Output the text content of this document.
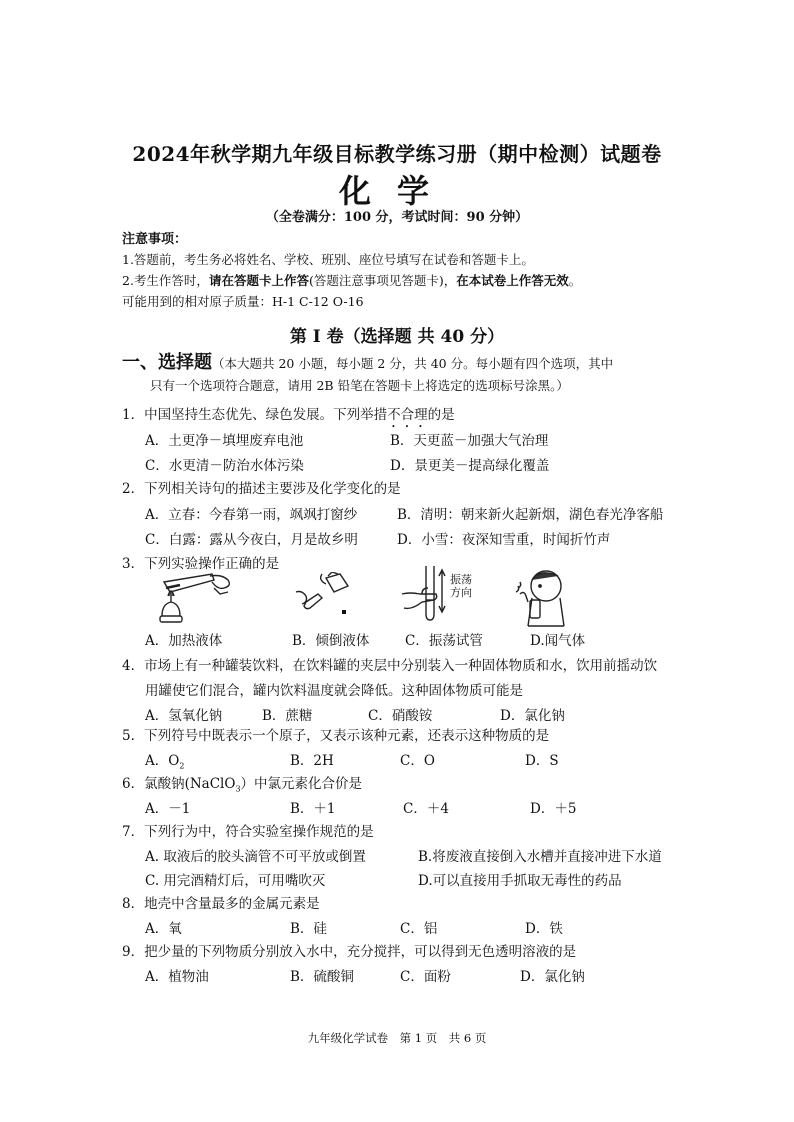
2024年秋学期九年级目标教学练习册（期中检测）试题卷
化学
（全卷满分：100 分，考试时间：90 分钟）
注意事项：
1.答题前，考生务必将姓名、学校、班别、座位号填写在试卷和答题卡上。
2.考生作答时，请在答题卡上作答(答题注意事项见答题卡)，在本试卷上作答无效。
可能用到的相对原子质量：H-1 C-12 O-16
第 I 卷（选择题 共 40 分）
一、选择题（本大题共 20 小题，每小题 2 分，共 40 分。每小题有四个选项，其中
只有一个选项符合题意，请用 2B 铅笔在答题卡上将选定的选项标号涂黑。）
1．中国坚持生态优先、绿色发展。下列举措不合理的是
A．土更净－填埋废弃电池	B．天更蓝－加强大气治理
C．水更清－防治水体污染	D．景更美－提高绿化覆盖
2．下列相关诗句的描述主要涉及化学变化的是
A．立春：今春第一雨，飒飒打窗纱	B．清明：朝来新火起新烟，湖色春光净客船
C．白露：露从今夜白，月是故乡明	D．小雪：夜深知雪重，时闻折竹声
3．下列实验操作正确的是
振荡
方向
A．加热液体	B．倾倒液体	C．振荡试管	D.闻气体
4．市场上有一种罐装饮料，在饮料罐的夹层中分别装入一种固体物质和水，饮用前摇动饮
用罐使它们混合，罐内饮料温度就会降低。这种固体物质可能是
A．氢氧化钠	B．蔗糖	C．硝酸铵	D．氯化钠
5．下列符号中既表示一个原子，又表示该种元素，还表示这种物质的是
A．$O_2$	B．2H	C．O	D．S
6．氯酸钠(NaClO$_3$）中氯元素化合价是
A．－1	B．＋1	C．＋4	D．＋5
7．下列行为中，符合实验室操作规范的是
A. 取液后的胶头滴管不可平放或倒置	B.将废液直接倒入水槽并直接冲进下水道
C. 用完酒精灯后，可用嘴吹灭	D.可以直接用手抓取无毒性的药品
8．地壳中含量最多的金属元素是
A．氧	B．硅	C．铝	D．铁
9．把少量的下列物质分别放入水中，充分搅拌，可以得到无色透明溶液的是
A．植物油	B．硫酸铜	C．面粉	D．氯化钠
九年级化学试卷　第 1 页　共 6 页
